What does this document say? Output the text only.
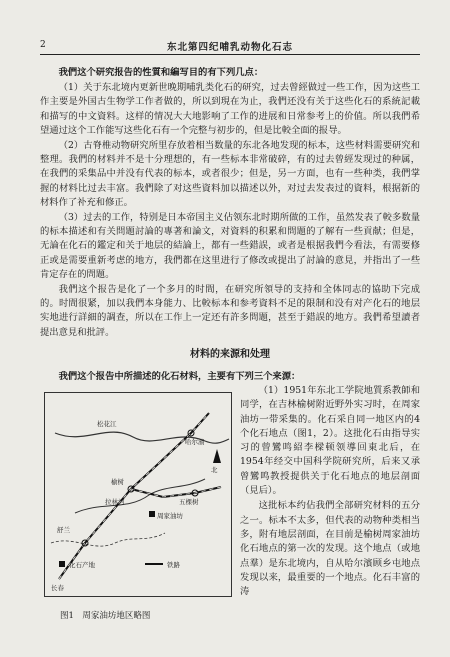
2	东北第四纪哺乳动物化石志

我們这个研究报告的性質和編写目的有下列几点：

（1）关于东北境内更新世晚期哺乳类化石的研究，过去曾經做过一些工作，因为这些工作主要是外国古生物学工作者做的，所以到現在为止，我們还没有关于这些化石的系統記載和描写的中文資料。这样的情况大大地影响了工作的进展和日常参考上的价值。所以我們希望通过这个工作能写这些化石有一个完整与初步的，但是比較全面的报导。

（2）古脊椎动物研究所里存放着相当数量的东北各地发现的标本，这些材料需要研究和整理。我們的材料并不是十分理想的，有一些标本非常破碎，有的过去曾經发现过的种属，在我們的采集品中并没有代表的标本，或者很少；但是，另一方面，也有一些种类，我們掌握的材料比过去丰富。我們除了对这些資料加以描述以外，对过去发表过的資料，根据新的材料作了补充和修正。

（3）过去的工作，特别是日本帝国主义佔领东北时期所做的工作，虽然发表了較多数量的标本描述和有关問題討論的專著和論文，对資料的积累和問題的了解有一些貢献；但是，无論在化石的鑑定和关于地层的結論上，都有一些錯誤，或者是根据我們今看法，有需要修正或是需要重新考虑的地方，我們都在这里进行了修改或提出了討論的意見，并指出了一些肯定存在的問題。

我們这个报告是化了一个多月的时間，在研究所領导的支持和全体同志的協助下完成的。时間很紧，加以我們本身能力、比較标本和参考資料不足的限制和没有对产化石的地层实地进行詳細的調查，所以在工作上一定还有許多問題，甚至于錯誤的地方。我們希望讀者提出意見和批評。

材料的来源和处理
我們这个报告中所描述的化石材料，主要有下列三个来源：
哈尔濱
北
榆树
五棵树
周家油坊
舒兰
长春
松花江
拉林河
化石产地	铁路
图1　周家油坊地区略图

（1）1951年东北工学院地質系教師和同学，在吉林榆树附近野外实习时，在周家油坊一带采集的。化石采自同一地区内的4个化石地点（图1，2）。这批化石由指导实习的曾鸞鸣紹李樑顿领導回東北后，在1954年经交中国科学院研究所，后来又承曾鸞鸣教授提供关于化石地点的地层剖面（見后）。

这批标本约佔我們全部研究材料的五分之一。标本不太多，但代表的动物种类相当多，附有地层剖面，在目前是榆树周家油坊化石地点的第一次的发现。这个地点（或地点羣）是东北境内，自从哈尔濱顾乡屯地点发现以来，最重要的一个地点。化石丰富的涛
